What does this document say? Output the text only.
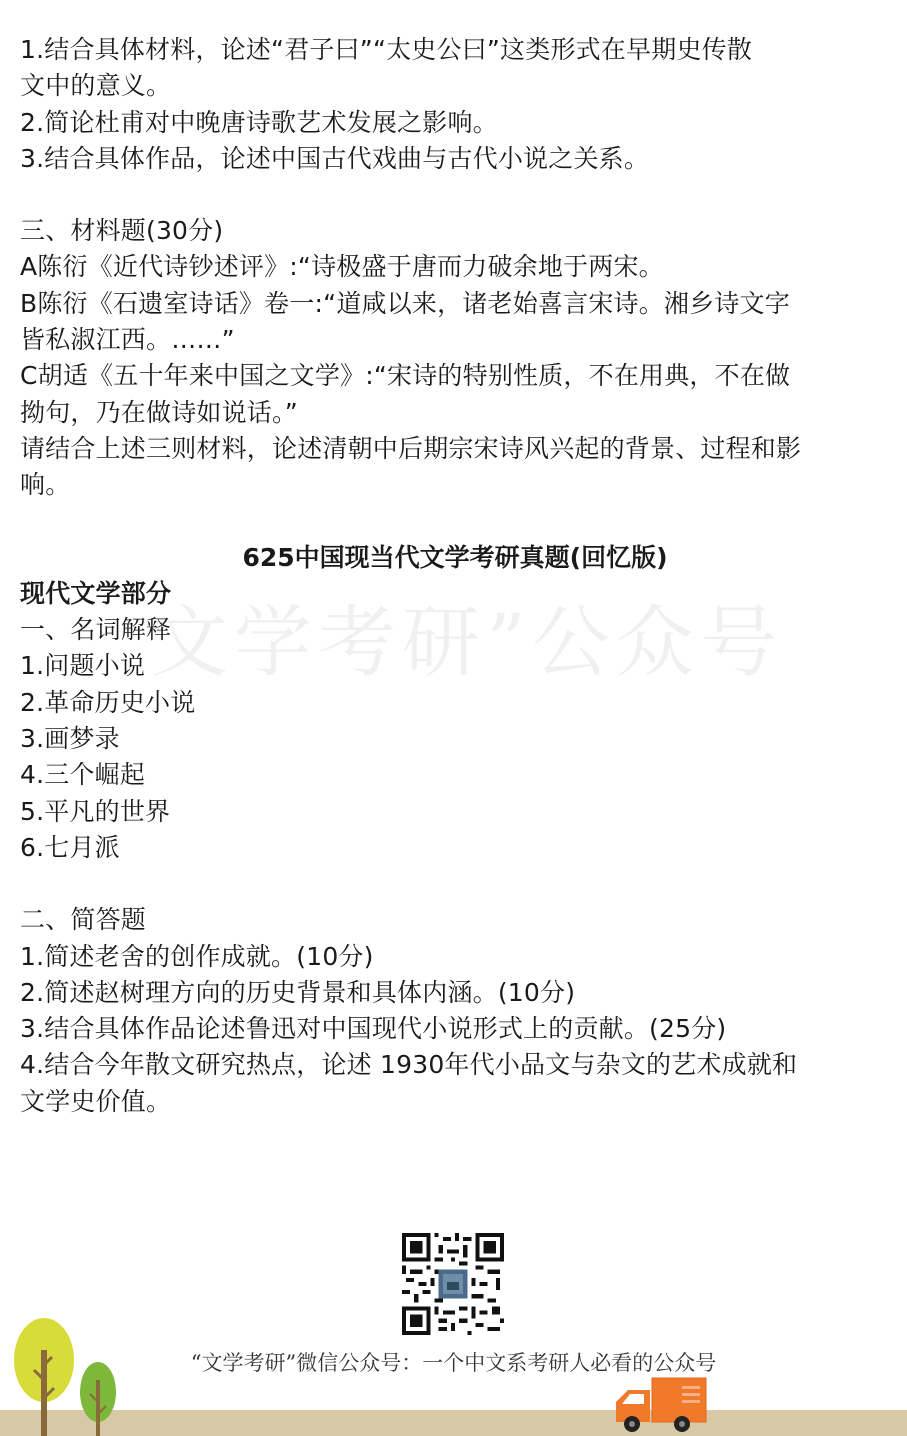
文学考研”公众号
1.结合具体材料，论述“君子曰”“太史公曰”这类形式在早期史传散
文中的意义。
2.简论杜甫对中晚唐诗歌艺术发展之影响。
3.结合具体作品，论述中国古代戏曲与古代小说之关系。
三、材料题(30分)
A陈衍《近代诗钞述评》:“诗极盛于唐而力破余地于两宋。
B陈衍《石遗室诗话》卷一:“道咸以来，诸老始喜言宋诗。湘乡诗文字
皆私淑江西。……”
C胡适《五十年来中国之文学》:“宋诗的特别性质，不在用典，不在做
拗句，乃在做诗如说话。”
请结合上述三则材料，论述清朝中后期宗宋诗风兴起的背景、过程和影
响。
625中国现当代文学考研真题(回忆版)
现代文学部分
一、名词解释
1.问题小说
2.革命历史小说
3.画梦录
4.三个崛起
5.平凡的世界
6.七月派
二、简答题
1.简述老舍的创作成就。(10分)
2.简述赵树理方向的历史背景和具体内涵。(10分)
3.结合具体作品论述鲁迅对中国现代小说形式上的贡献。(25分)
4.结合今年散文研究热点，论述 1930年代小品文与杂文的艺术成就和
文学史价值。
“文学考研”微信公众号：一个中文系考研人必看的公众号
